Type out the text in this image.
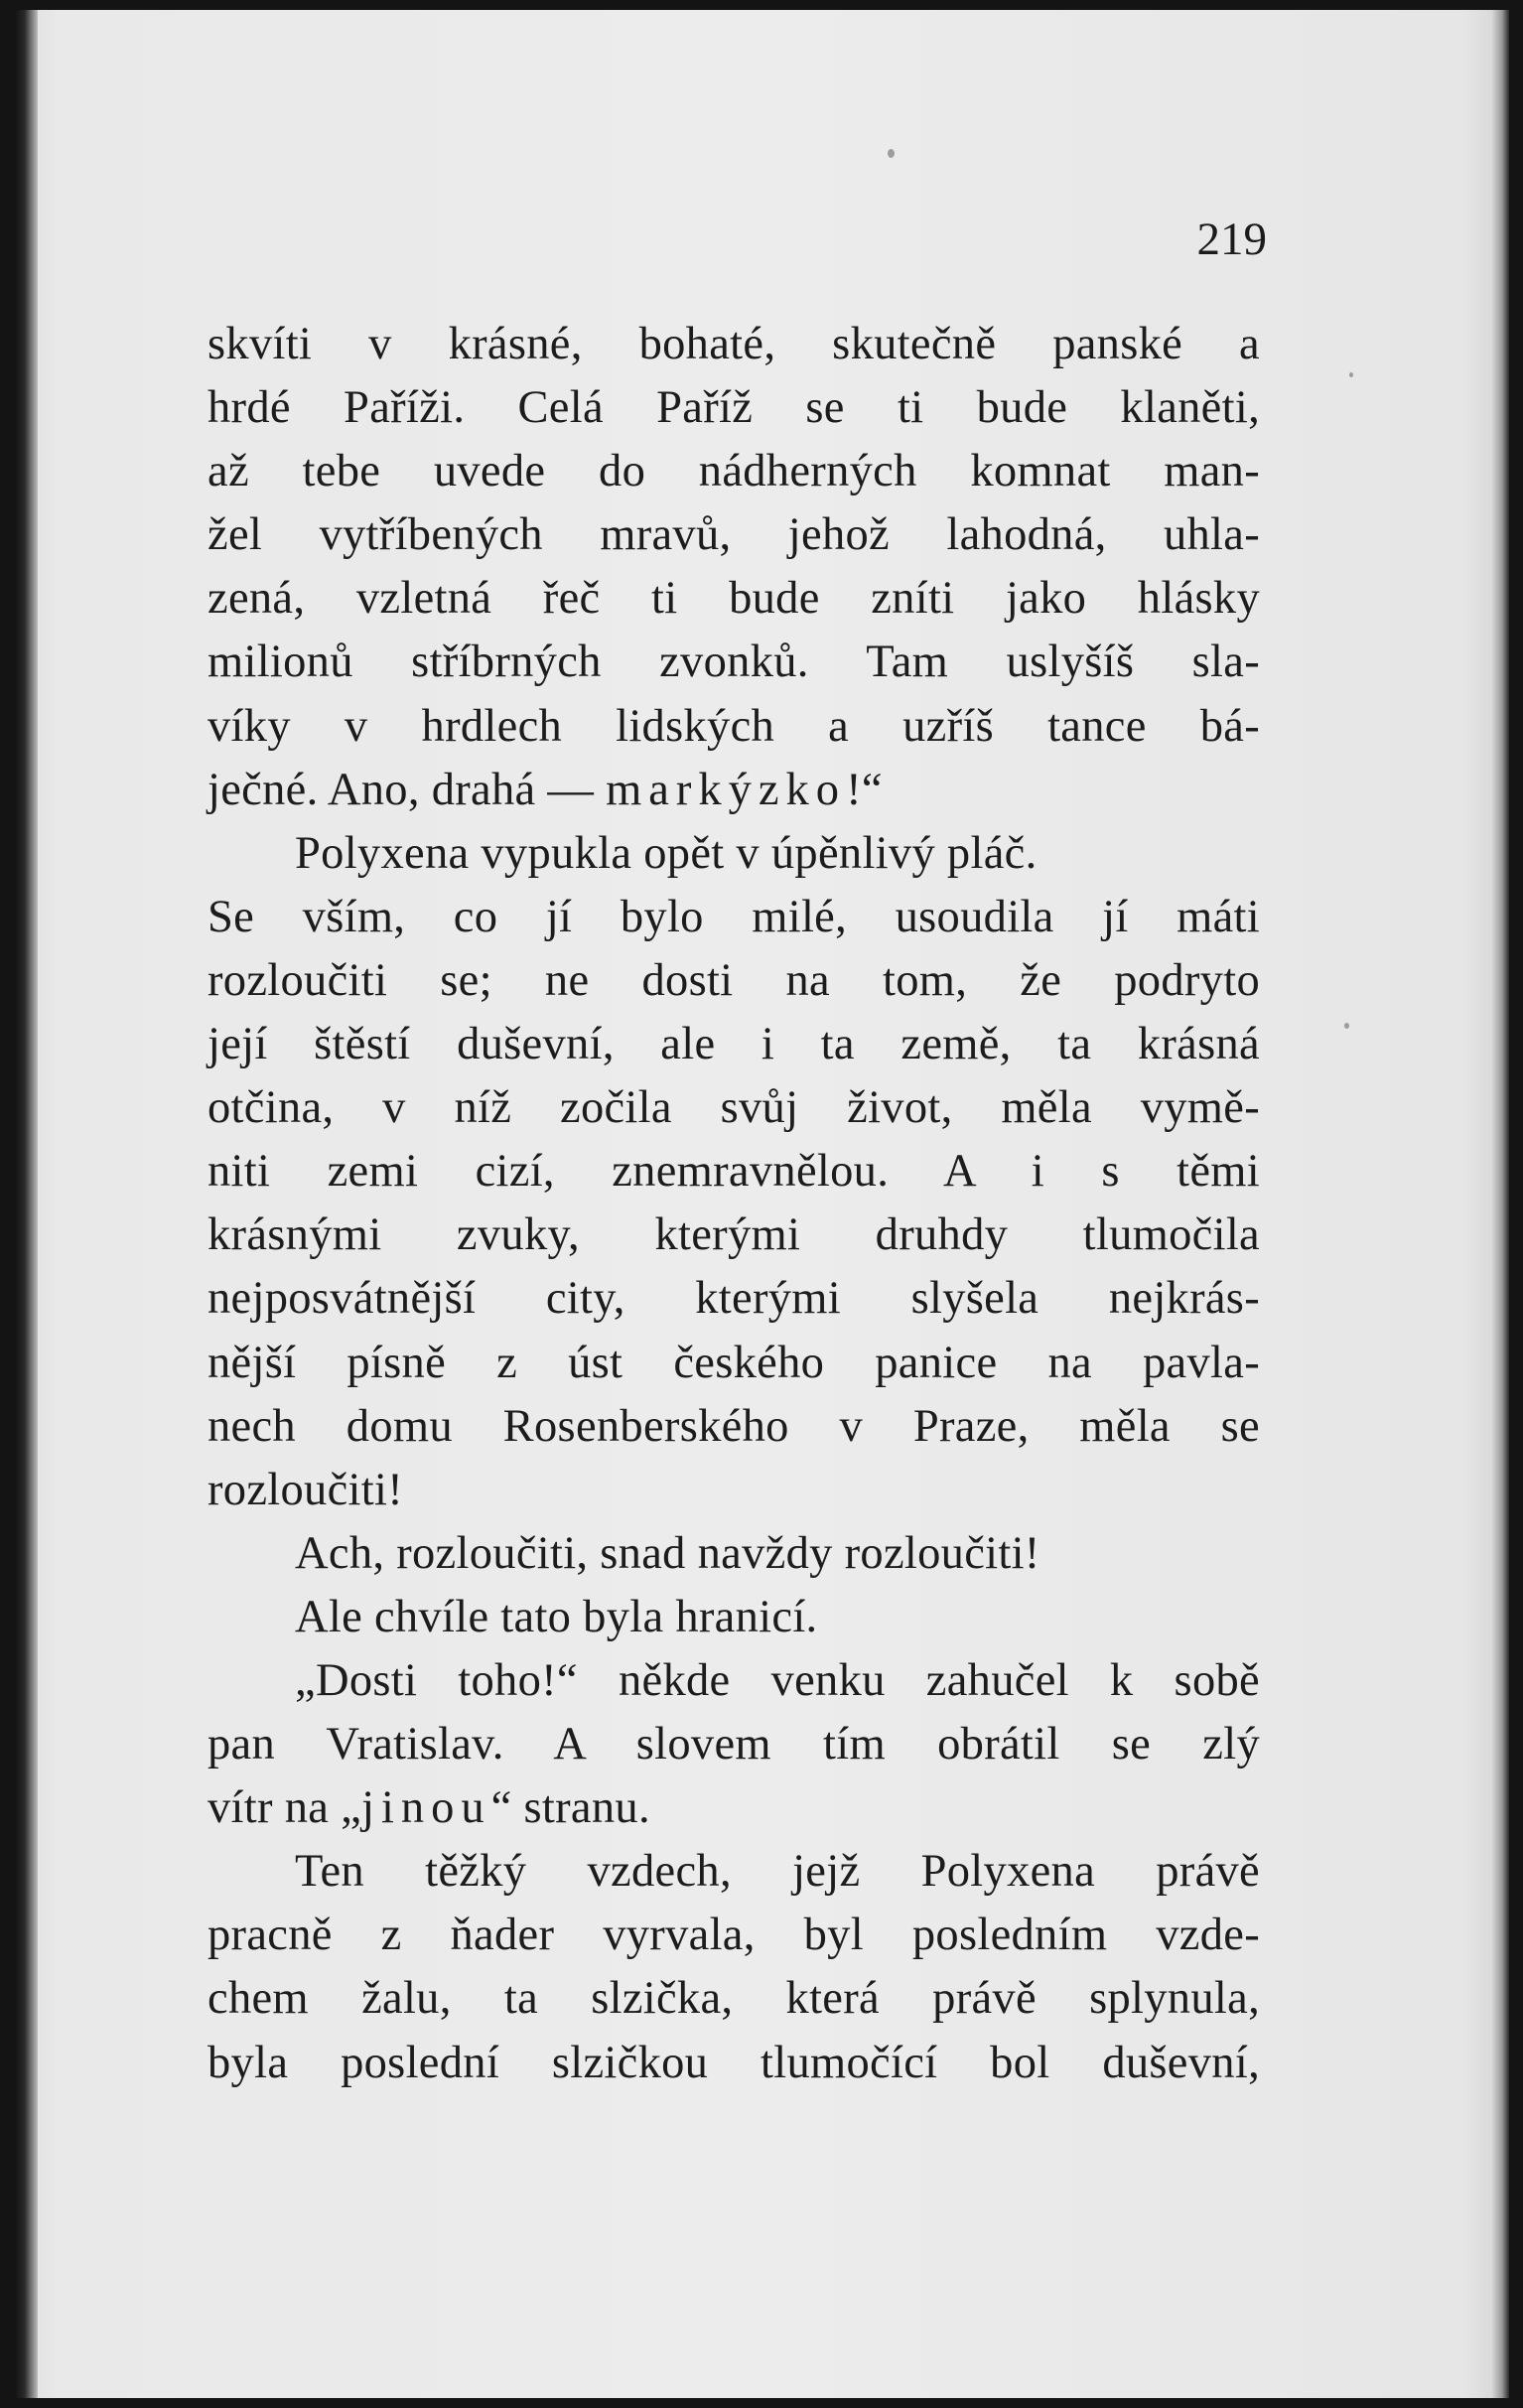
219
skvíti v krásné, bohaté, skutečně panské a
hrdé Paříži. Celá Paříž se ti bude klaněti,
až tebe uvede do nádherných komnat man-
žel vytříbených mravů, jehož lahodná, uhla-
zená, vzletná řeč ti bude zníti jako hlásky
milionů stříbrných zvonků. Tam uslyšíš sla-
víky v hrdlech lidských a uzříš tance bá-
ječné. Ano, drahá — markýzko!“
Polyxena vypukla opět v úpěnlivý pláč.
Se vším, co jí bylo milé, usoudila jí máti
rozloučiti se; ne dosti na tom, že podryto
její štěstí duševní, ale i ta země, ta krásná
otčina, v níž zočila svůj život, měla vymě-
niti zemi cizí, znemravnělou. A i s těmi
krásnými zvuky, kterými druhdy tlumočila
nejposvátnější city, kterými slyšela nejkrás-
nější písně z úst českého panice na pavla-
nech domu Rosenberského v Praze, měla se
rozloučiti!
Ach, rozloučiti, snad navždy rozloučiti!
Ale chvíle tato byla hranicí.
„Dosti toho!“ někde venku zahučel k sobě
pan Vratislav. A slovem tím obrátil se zlý
vítr na „jinou“ stranu.
Ten těžký vzdech, jejž Polyxena právě
pracně z ňader vyrvala, byl posledním vzde-
chem žalu, ta slzička, která právě splynula,
byla poslední slzičkou tlumočící bol duševní,
